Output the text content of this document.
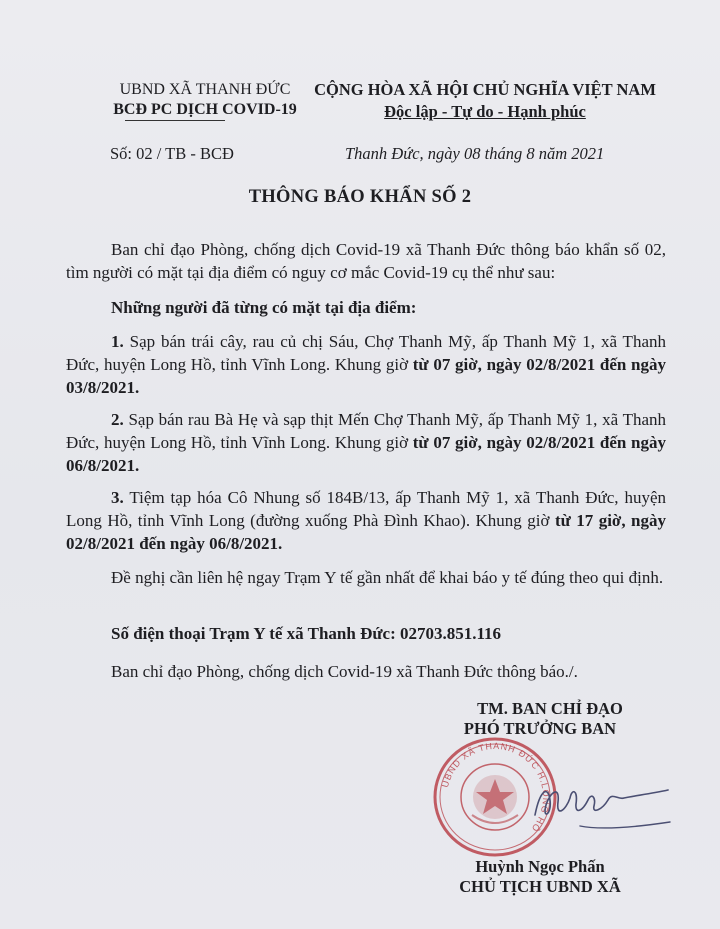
UBND XÃ THANH ĐỨC
BCĐ PC DỊCH COVID-19
CỘNG HÒA XÃ HỘI CHỦ NGHĨA VIỆT NAM
Độc lập - Tự do - Hạnh phúc
Số: 02 / TB - BCĐ	Thanh Đức, ngày 08 tháng 8 năm 2021
THÔNG BÁO KHẨN SỐ 2
Ban chỉ đạo Phòng, chống dịch Covid-19 xã Thanh Đức thông báo khẩn số 02, tìm người có mặt tại địa điểm có nguy cơ mắc Covid-19 cụ thể như sau:
Những người đã từng có mặt tại địa điểm:
1. Sạp bán trái cây, rau củ chị Sáu, Chợ Thanh Mỹ, ấp Thanh Mỹ 1, xã Thanh Đức, huyện Long Hồ, tỉnh Vĩnh Long. Khung giờ từ 07 giờ, ngày 02/8/2021 đến ngày 03/8/2021.
2. Sạp bán rau Bà Hẹ và sạp thịt Mến Chợ Thanh Mỹ, ấp Thanh Mỹ 1, xã Thanh Đức, huyện Long Hồ, tỉnh Vĩnh Long. Khung giờ từ 07 giờ, ngày 02/8/2021 đến ngày 06/8/2021.
3. Tiệm tạp hóa Cô Nhung số 184B/13, ấp Thanh Mỹ 1, xã Thanh Đức, huyện Long Hồ, tỉnh Vĩnh Long (đường xuống Phà Đình Khao). Khung giờ từ 17 giờ, ngày 02/8/2021 đến ngày 06/8/2021.
Đề nghị cần liên hệ ngay Trạm Y tế gần nhất để khai báo y tế đúng theo qui định.
Số điện thoại Trạm Y tế xã Thanh Đức: 02703.851.116
Ban chỉ đạo Phòng, chống dịch Covid-19 xã Thanh Đức thông báo./.
TM. BAN CHỈ ĐẠO
PHÓ TRƯỞNG BAN
UBND XÃ THANH ĐỨC H.LONG HỒ
Huỳnh Ngọc Phấn
CHỦ TỊCH UBND XÃ
